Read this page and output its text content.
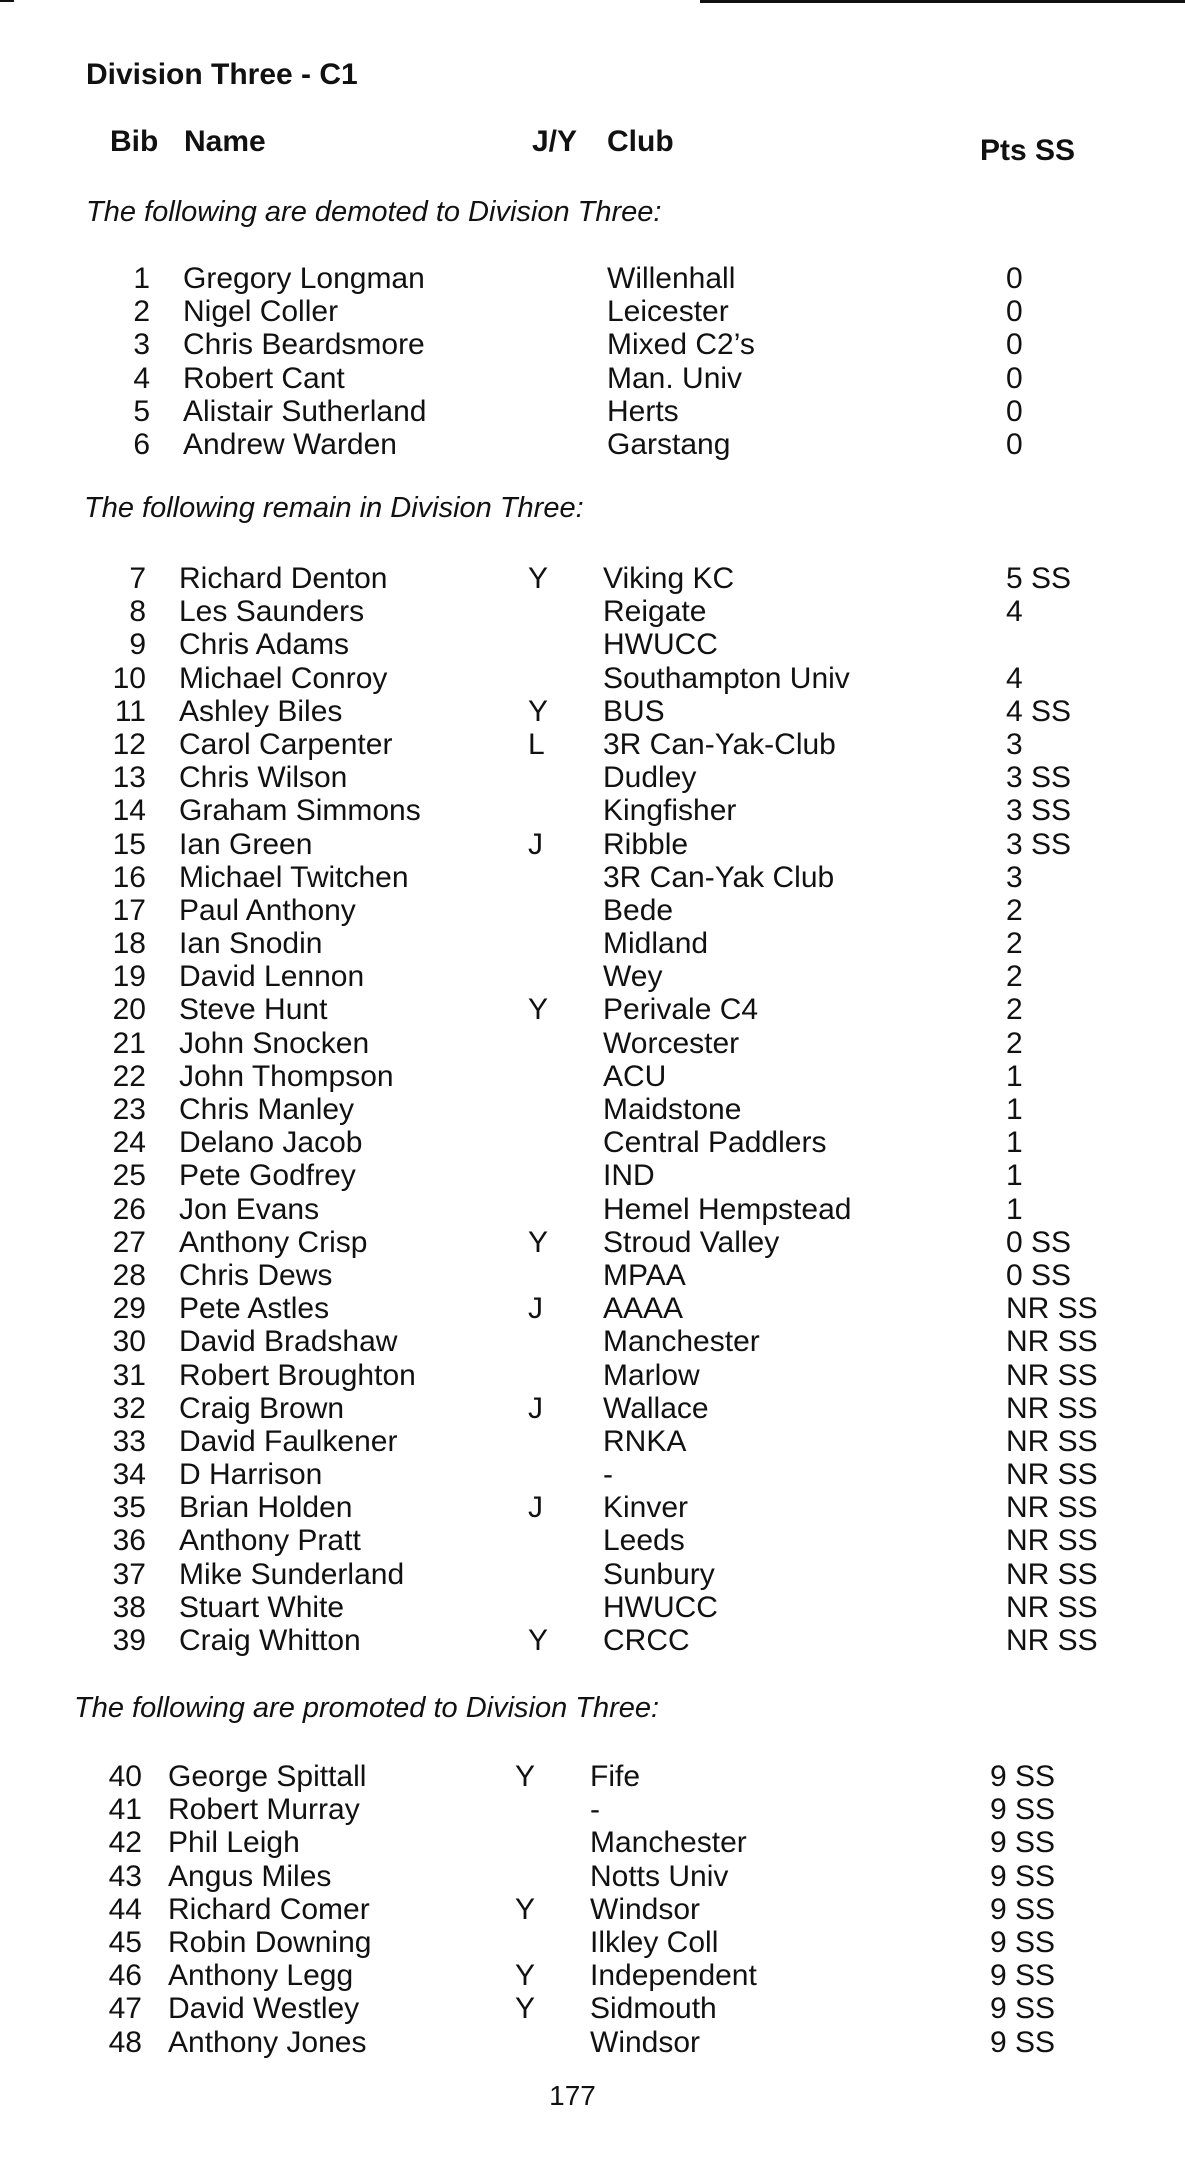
Division Three - C1
Bib Name	J/Y Club	Pts SS
The following are demoted to Division Three:
1 Gregory Longman	Willenhall	0
2 Nigel Coller	Leicester	0
3 Chris Beardsmore	Mixed C2’s	0
4 Robert Cant	Man. Univ	0
5 Alistair Sutherland	Herts	0
6 Andrew Warden	Garstang	0
The following remain in Division Three:
7 Richard Denton	Y Viking KC	5 SS
8 Les Saunders	Reigate	4
9 Chris Adams	HWUCC
10 Michael Conroy	Southampton Univ	4
11 Ashley Biles	Y BUS	4 SS
12 Carol Carpenter	L 3R Can-Yak-Club	3
13 Chris Wilson	Dudley	3 SS
14 Graham Simmons	Kingfisher	3 SS
15 Ian Green	J Ribble	3 SS
16 Michael Twitchen	3R Can-Yak Club	3
17 Paul Anthony	Bede	2
18 Ian Snodin	Midland	2
19 David Lennon	Wey	2
20 Steve Hunt	Y Perivale C4	2
21 John Snocken	Worcester	2
22 John Thompson	ACU	1
23 Chris Manley	Maidstone	1
24 Delano Jacob	Central Paddlers	1
25 Pete Godfrey	IND	1
26 Jon Evans	Hemel Hempstead	1
27 Anthony Crisp	Y Stroud Valley	0 SS
28 Chris Dews	MPAA	0 SS
29 Pete Astles	J AAAA	NR SS
30 David Bradshaw	Manchester	NR SS
31 Robert Broughton	Marlow	NR SS
32 Craig Brown	J Wallace	NR SS
33 David Faulkener	RNKA	NR SS
34 D Harrison	-	NR SS
35 Brian Holden	J Kinver	NR SS
36 Anthony Pratt	Leeds	NR SS
37 Mike Sunderland	Sunbury	NR SS
38 Stuart White	HWUCC	NR SS
39 Craig Whitton	Y CRCC	NR SS
The following are promoted to Division Three:
40 George Spittall	Y Fife	9 SS
41 Robert Murray	-	9 SS
42 Phil Leigh	Manchester	9 SS
43 Angus Miles	Notts Univ	9 SS
44 Richard Comer	Y Windsor	9 SS
45 Robin Downing	Ilkley Coll	9 SS
46 Anthony Legg	Y Independent	9 SS
47 David Westley	Y Sidmouth	9 SS
48 Anthony Jones	Windsor	9 SS
177
